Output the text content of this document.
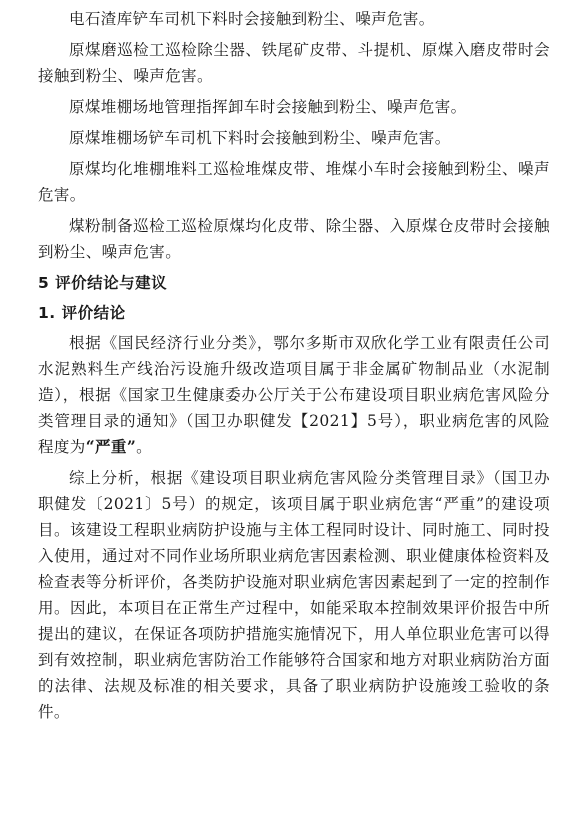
电石渣库铲车司机下料时会接触到粉尘、噪声危害。

原煤磨巡检工巡检除尘器、铁尾矿皮带、斗提机、原煤入磨皮带时会接触到粉尘、噪声危害。

原煤堆棚场地管理指挥卸车时会接触到粉尘、噪声危害。

原煤堆棚场铲车司机下料时会接触到粉尘、噪声危害。

原煤均化堆棚堆料工巡检堆煤皮带、堆煤小车时会接触到粉尘、噪声危害。

煤粉制备巡检工巡检原煤均化皮带、除尘器、入原煤仓皮带时会接触到粉尘、噪声危害。

5 评价结论与建议
1. 评价结论

根据《国民经济行业分类》，鄂尔多斯市双欣化学工业有限责任公司水泥熟料生产线治污设施升级改造项目属于非金属矿物制品业（水泥制造），根据《国家卫生健康委办公厅关于公布建设项目职业病危害风险分类管理目录的通知》（国卫办职健发【2021】5号），职业病危害的风险程度为“严重”。

综上分析，根据《建设项目职业病危害风险分类管理目录》（国卫办职健发〔2021〕5号）的规定，该项目属于职业病危害“严重”的建设项目。该建设工程职业病防护设施与主体工程同时设计、同时施工、同时投入使用，通过对不同作业场所职业病危害因素检测、职业健康体检资料及检查表等分析评价，各类防护设施对职业病危害因素起到了一定的控制作用。因此，本项目在正常生产过程中，如能采取本控制效果评价报告中所提出的建议，在保证各项防护措施实施情况下，用人单位职业危害可以得到有效控制，职业病危害防治工作能够符合国家和地方对职业病防治方面的法律、法规及标准的相关要求，具备了职业病防护设施竣工验收的条件。
